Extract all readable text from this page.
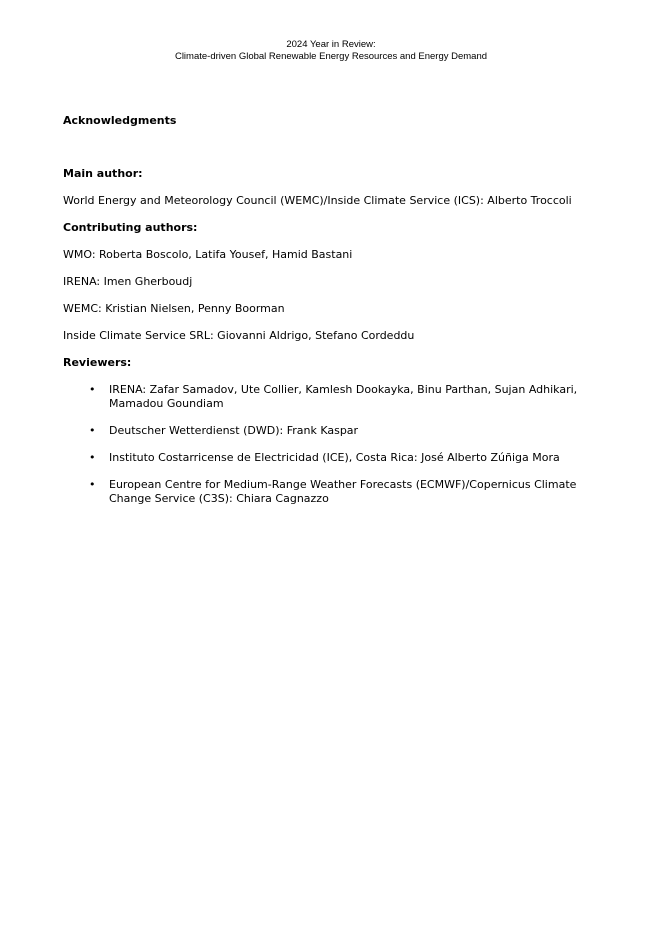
2024 Year in Review:
Climate-driven Global Renewable Energy Resources and Energy Demand
Acknowledgments
Main author:

World Energy and Meteorology Council (WEMC)/Inside Climate Service (ICS): Alberto Troccoli

Contributing authors:

WMO: Roberta Boscolo, Latifa Yousef, Hamid Bastani

IRENA: Imen Gherboudj

WEMC: Kristian Nielsen, Penny Boorman

Inside Climate Service SRL: Giovanni Aldrigo, Stefano Cordeddu

Reviewers:
• IRENA: Zafar Samadov, Ute Collier, Kamlesh Dookayka, Binu Parthan, Sujan Adhikari, Mamadou Goundiam
• Deutscher Wetterdienst (DWD): Frank Kaspar
• Instituto Costarricense de Electricidad (ICE), Costa Rica: José Alberto Zúñiga Mora
• European Centre for Medium-Range Weather Forecasts (ECMWF)/Copernicus Climate Change Service (C3S): Chiara Cagnazzo
